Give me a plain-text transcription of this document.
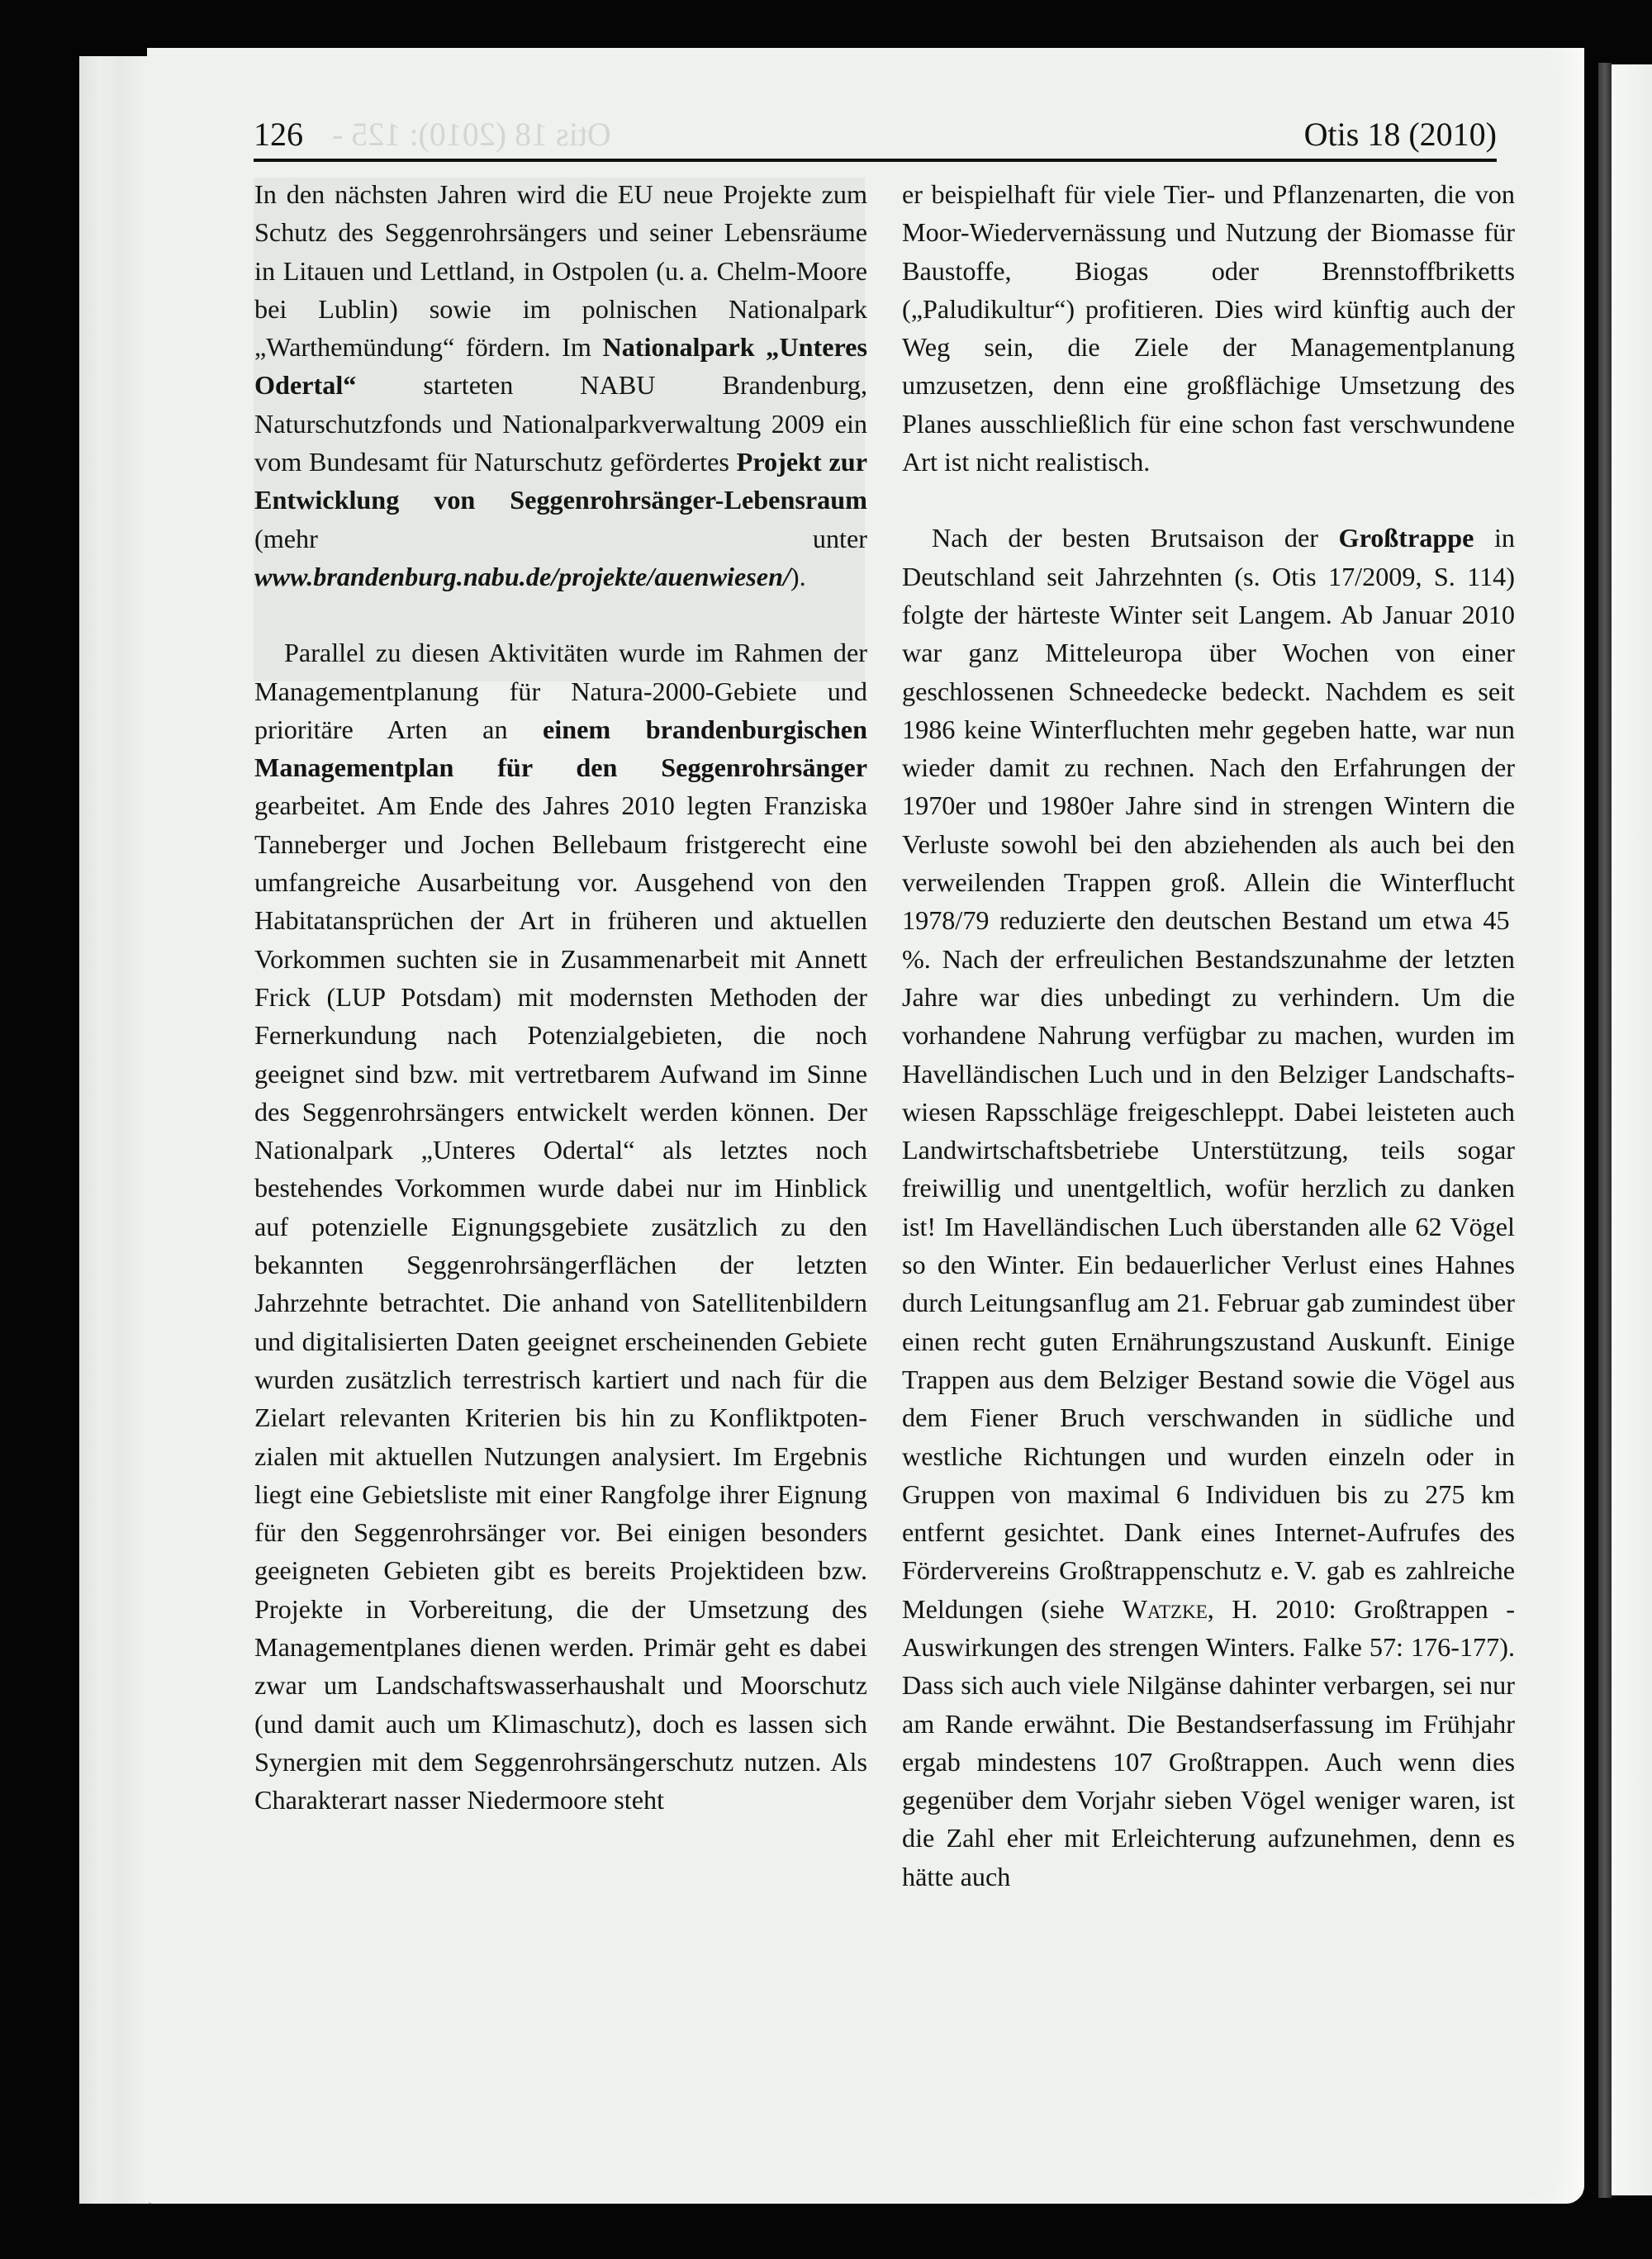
Otis 18 (2010): 125 -
126	Otis 18 (2010)

In den nächsten Jahren wird die EU neue Projekte zum Schutz des Seggenrohrsängers und seiner Lebensräume in Litauen und Lettland, in Ostpolen (u. a. Chelm-Moore bei Lublin) sowie im polnischen Nationalpark „Warthemündung“ fördern. Im Nationalpark „Unteres Odertal“ starteten NABU Brandenburg, Naturschutzfonds und Nationalparkverwaltung 2009 ein vom Bundesamt für Naturschutz gefördertes Projekt zur Entwicklung von Seggenrohrsänger-Lebensraum (mehr unter www.brandenburg.nabu.de/projekte/auenwiesen/).

Parallel zu diesen Aktivitäten wurde im Rahmen der Managementplanung für Natura-2000-Gebiete und prioritäre Arten an einem brandenburgischen Managementplan für den Seggenrohrsänger gearbeitet. Am Ende des Jahres 2010 legten Franziska Tanneberger und Jochen Bellebaum fristgerecht eine umfangreiche Ausarbeitung vor. Ausgehend von den Habitatansprüchen der Art in früheren und aktuellen Vorkommen suchten sie in Zusammenarbeit mit Annett Frick (LUP Potsdam) mit modernsten Methoden der Fernerkundung nach Potenzialgebieten, die noch geeignet sind bzw. mit vertretbarem Aufwand im Sinne des Seggenrohrsängers entwickelt werden können. Der Nationalpark „Unteres Odertal“ als letztes noch bestehendes Vorkommen wurde dabei nur im Hinblick auf potenzielle Eignungsgebiete zusätzlich zu den bekannten Seggenrohrsängerflächen der letzten Jahrzehnte betrachtet. Die anhand von Satellitenbildern und digitalisierten Daten geeignet erscheinenden Gebiete wurden zusätzlich terrestrisch kartiert und nach für die Zielart relevanten Kriterien bis hin zu Konfliktpotenzialen mit aktuellen Nutzungen analysiert. Im Ergebnis liegt eine Gebietsliste mit einer Rangfolge ihrer Eignung für den Seggenrohrsänger vor. Bei einigen besonders geeigneten Gebieten gibt es bereits Projektideen bzw. Projekte in Vorbereitung, die der Umsetzung des Managementplanes dienen werden. Primär geht es dabei zwar um Landschaftswasserhaushalt und Moorschutz (und damit auch um Klimaschutz), doch es lassen sich Synergien mit dem Seggenrohrsängerschutz nutzen. Als Charakterart nasser Niedermoore steht

er beispielhaft für viele Tier- und Pflanzenarten, die von Moor-Wiedervernässung und Nutzung der Biomasse für Baustoffe, Biogas oder Brennstoffbriketts („Paludikultur“) profitieren. Dies wird künftig auch der Weg sein, die Ziele der Managementplanung umzusetzen, denn eine großflächige Umsetzung des Planes ausschließlich für eine schon fast verschwundene Art ist nicht realistisch.

Nach der besten Brutsaison der Großtrappe in Deutschland seit Jahrzehnten (s. Otis 17/2009, S. 114) folgte der härteste Winter seit Langem. Ab Januar 2010 war ganz Mitteleuropa über Wochen von einer geschlossenen Schneedecke bedeckt. Nachdem es seit 1986 keine Winterfluchten mehr gegeben hatte, war nun wieder damit zu rechnen. Nach den Erfahrungen der 1970er und 1980er Jahre sind in strengen Wintern die Verluste sowohl bei den abziehenden als auch bei den verweilenden Trappen groß. Allein die Winterflucht 1978/79 reduzierte den deutschen Bestand um etwa 45 %. Nach der erfreulichen Bestandszunahme der letzten Jahre war dies unbedingt zu verhindern. Um die vorhandene Nahrung verfügbar zu machen, wurden im Havelländischen Luch und in den Belziger Landschaftswiesen Rapsschläge freigeschleppt. Dabei leisteten auch Landwirtschaftsbetriebe Unterstützung, teils sogar freiwillig und unentgeltlich, wofür herzlich zu danken ist! Im Havelländischen Luch überstanden alle 62 Vögel so den Winter. Ein bedauerlicher Verlust eines Hahnes durch Leitungsanflug am 21. Februar gab zumindest über einen recht guten Ernährungszustand Auskunft. Einige Trappen aus dem Belziger Bestand sowie die Vögel aus dem Fiener Bruch verschwanden in südliche und westliche Richtungen und wurden einzeln oder in Gruppen von maximal 6 Individuen bis zu 275 km entfernt gesichtet. Dank eines Internet-Aufrufes des Fördervereins Großtrappenschutz e. V. gab es zahlreiche Meldungen (siehe Watzke, H. 2010: Großtrappen - Auswirkungen des strengen Winters. Falke 57: 176-177). Dass sich auch viele Nilgänse dahinter verbargen, sei nur am Rande erwähnt. Die Bestandserfassung im Frühjahr ergab mindestens 107 Großtrappen. Auch wenn dies gegenüber dem Vorjahr sieben Vögel weniger waren, ist die Zahl eher mit Erleichterung aufzunehmen, denn es hätte auch
